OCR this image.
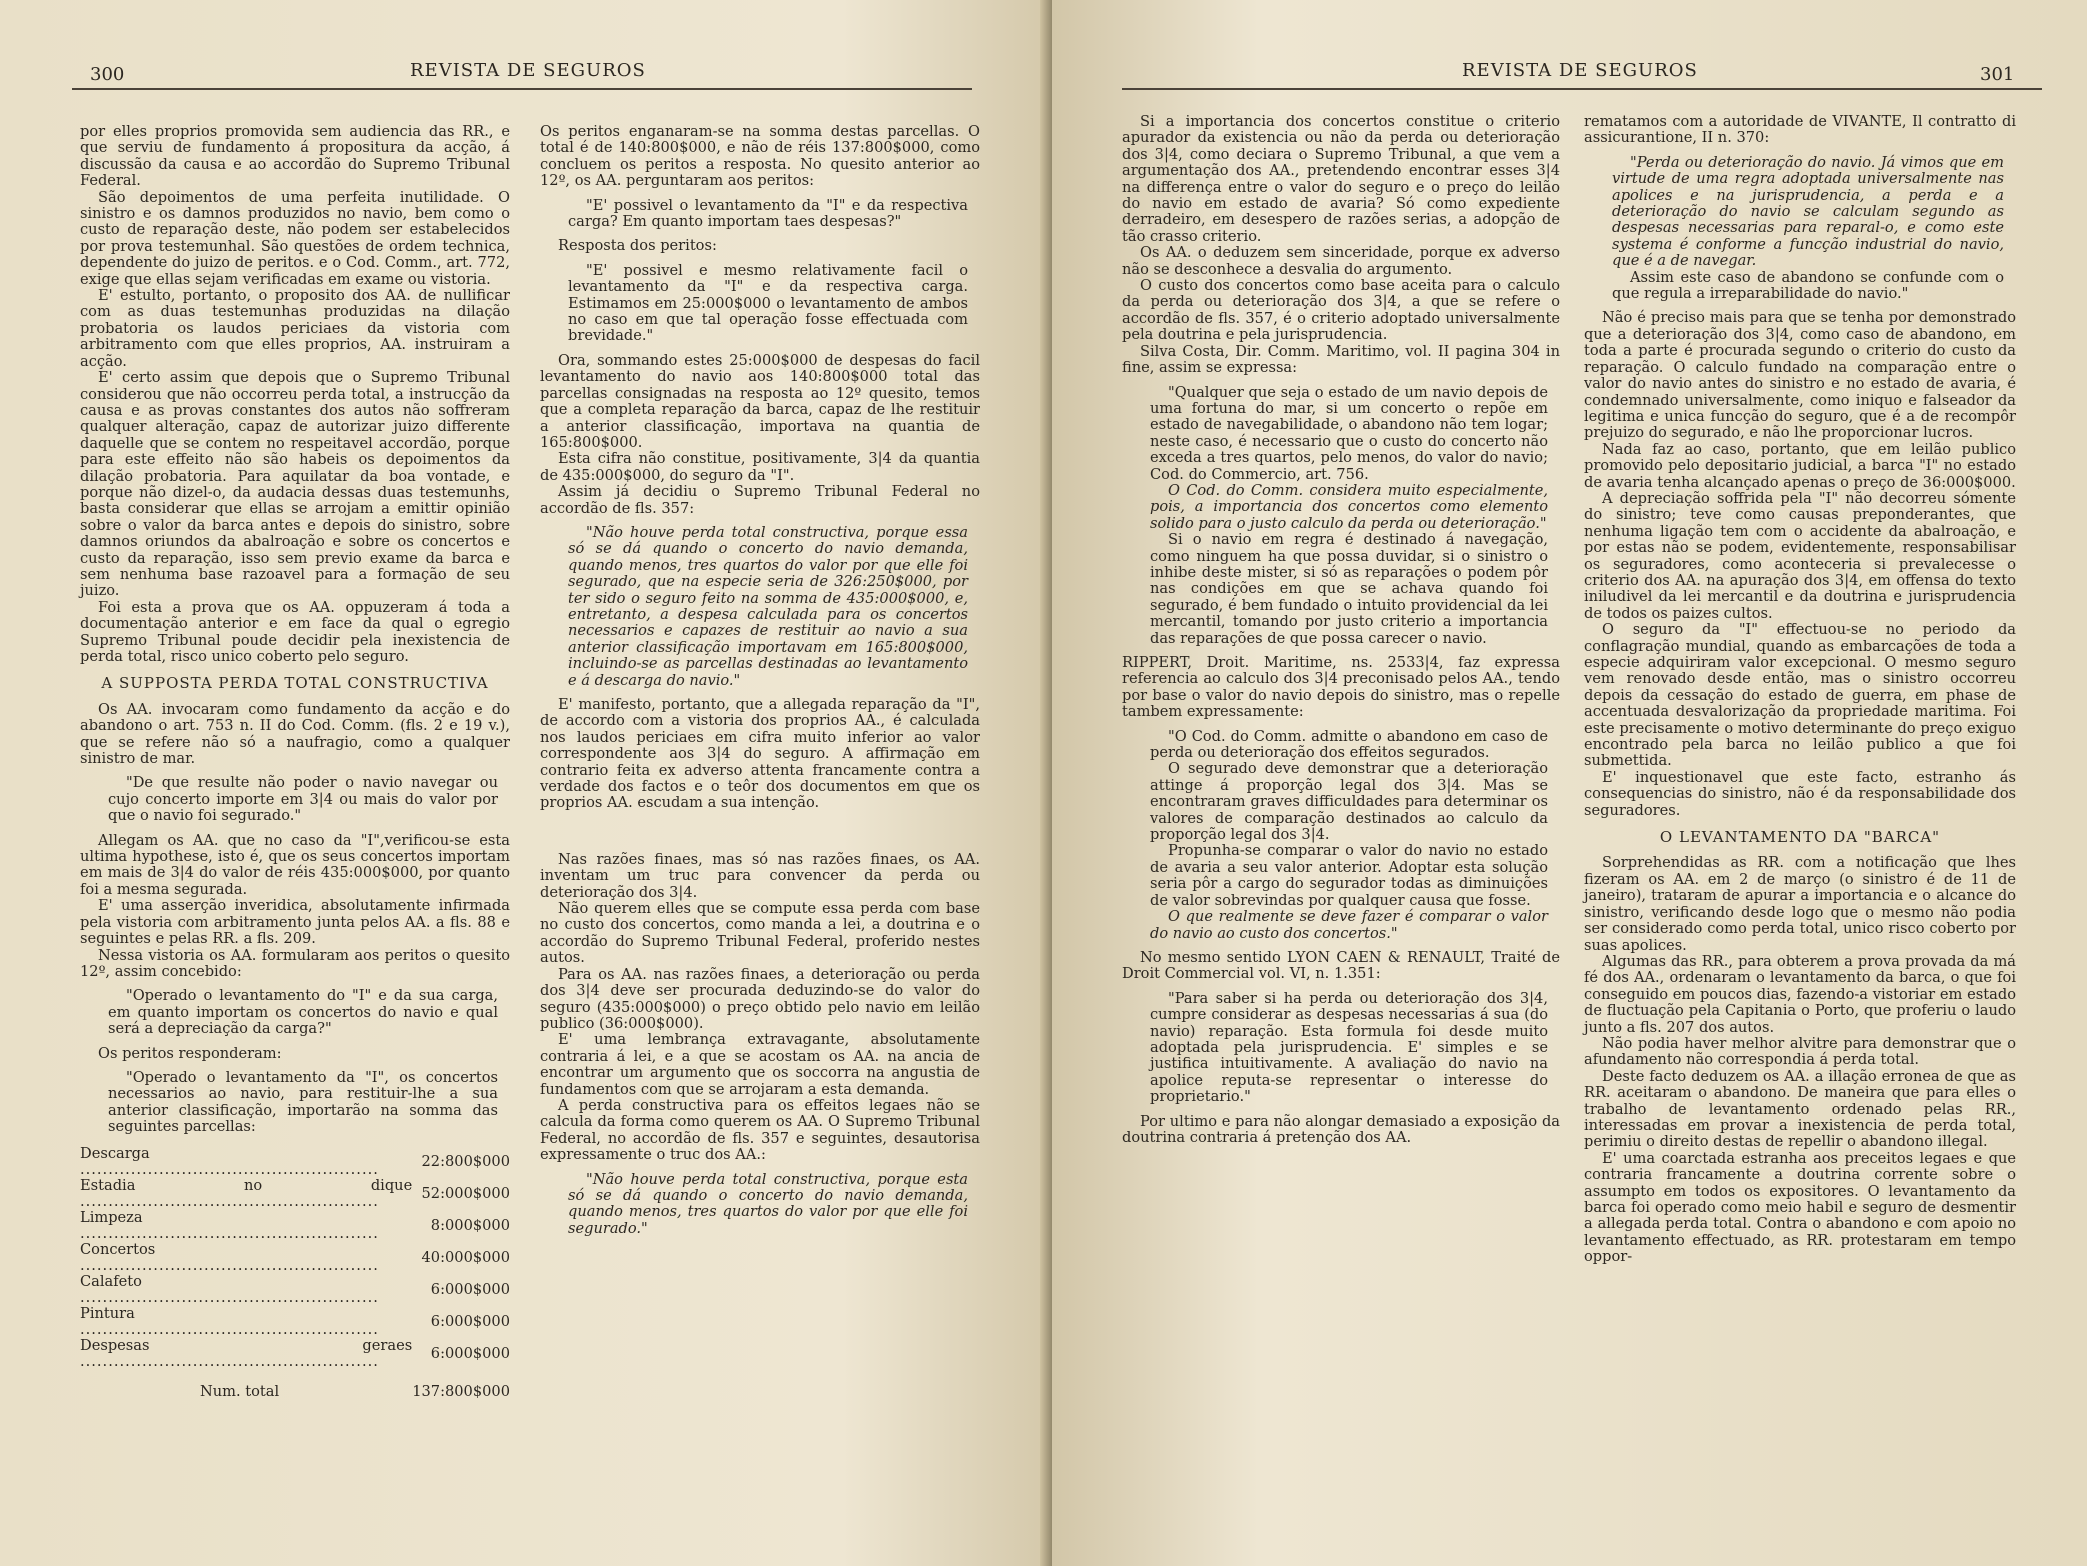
300	REVISTA DE SEGUROS

por elles proprios promovida sem audiencia das RR., e que serviu de fundamento á propositura da acção, á discussão da causa e ao accordão do Supremo Tribunal Federal.

São depoimentos de uma perfeita inutilidade. O sinistro e os damnos produzidos no navio, bem como o custo de reparação deste, não podem ser estabelecidos por prova testemunhal. São questões de ordem technica, dependente do juizo de peritos. e o Cod. Comm., art. 772, exige que ellas sejam verificadas em exame ou vistoria.

E' estulto, portanto, o proposito dos AA. de nullificar com as duas testemunhas produzidas na dilação probatoria os laudos periciaes da vistoria com arbitramento com que elles proprios, AA. instruiram a acção.

E' certo assim que depois que o Supremo Tribunal considerou que não occorreu perda total, a instrucção da causa e as provas constantes dos autos não soffreram qualquer alteração, capaz de autorizar juizo differente daquelle que se contem no respeitavel accordão, porque para este effeito não são habeis os depoimentos da dilação probatoria. Para aquilatar da boa vontade, e porque não dizel-o, da audacia dessas duas testemunhs, basta considerar que ellas se arrojam a emittir opinião sobre o valor da barca antes e depois do sinistro, sobre damnos oriundos da abalroação e sobre os concertos e custo da reparação, isso sem previo exame da barca e sem nenhuma base razoavel para a formação de seu juizo.

Foi esta a prova que os AA. oppuzeram á toda a documentação anterior e em face da qual o egregio Supremo Tribunal poude decidir pela inexistencia de perda total, risco unico coberto pelo seguro.

A SUPPOSTA PERDA TOTAL CONSTRUCTIVA

Os AA. invocaram como fundamento da acção e do abandono o art. 753 n. II do Cod. Comm. (fls. 2 e 19 v.), que se refere não só a naufragio, como a qualquer sinistro de mar.

"De que resulte não poder o navio navegar ou cujo concerto importe em 3|4 ou mais do valor por que o navio foi segurado."

Allegam os AA. que no caso da "I",verificou-se esta ultima hypothese, isto é, que os seus concertos importam em mais de 3|4 do valor de réis 435:000$000, por quanto foi a mesma segurada.

E' uma asserção inveridica, absolutamente infirmada pela vistoria com arbitramento junta pelos AA. a fls. 88 e seguintes e pelas RR. a fls. 209.

Nessa vistoria os AA. formularam aos peritos o quesito 12º, assim concebido:

"Operado o levantamento do "I" e da sua carga, em quanto importam os concertos do navio e qual será a depreciação da carga?"

Os peritos responderam:

"Operado o levantamento da "I", os concertos necessarios ao navio, para restituir-lhe a sua anterior classificação, importarão na somma das seguintes parcellas:

Descarga .....	22:800$000
Estadia no dique .....	52:000$000
Limpeza .....	8:000$000
Concertos .....	40:000$000
Calafeto .....	6:000$000
Pintura .....	6:000$000
Despesas geraes .....	6:000$000
Num. total	137:800$000

Os peritos enganaram-se na somma destas parcellas. O total é de 140:800$000, e não de réis 137:800$000, como concluem os peritos a resposta. No quesito anterior ao 12º, os AA. perguntaram aos peritos:

"E' possivel o levantamento da "I" e da respectiva carga? Em quanto importam taes despesas?"

Resposta dos peritos:

"E' possivel e mesmo relativamente facil o levantamento da "I" e da respectiva carga. Estimamos em 25:000$000 o levantamento de ambos no caso em que tal operação fosse effectuada com brevidade."

Ora, sommando estes 25:000$000 de despesas do facil levantamento do navio aos 140:800$000 total das parcellas consignadas na resposta ao 12º quesito, temos que a completa reparação da barca, capaz de lhe restituir a anterior classificação, importava na quantia de 165:800$000.

Esta cifra não constitue, positivamente, 3|4 da quantia de 435:000$000, do seguro da "I".

Assim já decidiu o Supremo Tribunal Federal no accordão de fls. 357:

"Não houve perda total constructiva, porque essa só se dá quando o concerto do navio demanda, quando menos, tres quartos do valor por que elle foi segurado, que na especie seria de 326:250$000, por ter sido o seguro feito na somma de 435:000$000, e, entretanto, a despesa calculada para os concertos necessarios e capazes de restituir ao navio a sua anterior classificação importavam em 165:800$000, incluindo-se as parcellas destinadas ao levantamento e á descarga do navio."

E' manifesto, portanto, que a allegada reparação da "I", de accordo com a vistoria dos proprios AA., é calculada nos laudos periciaes em cifra muito inferior ao valor correspondente aos 3|4 do seguro. A affirmação em contrario feita ex adverso attenta francamente contra a verdade dos factos e o teôr dos documentos em que os proprios AA. escudam a sua intenção.

Nas razões finaes, mas só nas razões finaes, os AA. inventam um truc para convencer da perda ou deterioração dos 3|4.

Não querem elles que se compute essa perda com base no custo dos concertos, como manda a lei, a doutrina e o accordão do Supremo Tribunal Federal, proferido nestes autos.

Para os AA. nas razões finaes, a deterioração ou perda dos 3|4 deve ser procurada deduzindo-se do valor do seguro (435:000$000) o preço obtido pelo navio em leilão publico (36:000$000).

E' uma lembrança extravagante, absolutamente contraria á lei, e a que se acostam os AA. na ancia de encontrar um argumento que os soccorra na angustia de fundamentos com que se arrojaram a esta demanda.

A perda constructiva para os effeitos legaes não se calcula da forma como querem os AA. O Supremo Tribunal Federal, no accordão de fls. 357 e seguintes, desautorisa expressamente o truc dos AA.:

"Não houve perda total constructiva, porque esta só se dá quando o concerto do navio demanda, quando menos, tres quartos do valor por que elle foi segurado."

REVISTA DE SEGUROS	301

Si a importancia dos concertos constitue o criterio apurador da existencia ou não da perda ou deterioração dos 3|4, como deciara o Supremo Tribunal, a que vem a argumentação dos AA., pretendendo encontrar esses 3|4 na differença entre o valor do seguro e o preço do leilão do navio em estado de avaria? Só como expediente derradeiro, em desespero de razões serias, a adopção de tão crasso criterio.

Os AA. o deduzem sem sinceridade, porque ex adverso não se desconhece a desvalia do argumento.

O custo dos concertos como base aceita para o calculo da perda ou deterioração dos 3|4, a que se refere o accordão de fls. 357, é o criterio adoptado universalmente pela doutrina e pela jurisprudencia.

Silva Costa, Dir. Comm. Maritimo, vol. II pagina 304 in fine, assim se expressa:

"Qualquer que seja o estado de um navio depois de uma fortuna do mar, si um concerto o repõe em estado de navegabilidade, o abandono não tem logar; neste caso, é necessario que o custo do concerto não exceda a tres quartos, pelo menos, do valor do navio; Cod. do Commercio, art. 756.

O Cod. do Comm. considera muito especialmente, pois, a importancia dos concertos como elemento solido para o justo calculo da perda ou deterioração."

Si o navio em regra é destinado á navegação, como ninguem ha que possa duvidar, si o sinistro o inhibe deste mister, si só as reparações o podem pôr nas condições em que se achava quando foi segurado, é bem fundado o intuito providencial da lei mercantil, tomando por justo criterio a importancia das reparações de que possa carecer o navio.

RIPPERT, Droit. Maritime, ns. 2533|4, faz expressa referencia ao calculo dos 3|4 preconisado pelos AA., tendo por base o valor do navio depois do sinistro, mas o repelle tambem expressamente:

"O Cod. do Comm. admitte o abandono em caso de perda ou deterioração dos effeitos segurados.

O segurado deve demonstrar que a deterioração attinge á proporção legal dos 3|4. Mas se encontraram graves difficuldades para determinar os valores de comparação destinados ao calculo da proporção legal dos 3|4.

Propunha-se comparar o valor do navio no estado de avaria a seu valor anterior. Adoptar esta solução seria pôr a cargo do segurador todas as diminuições de valor sobrevindas por qualquer causa que fosse.

O que realmente se deve fazer é comparar o valor do navio ao custo dos concertos."

No mesmo sentido LYON CAEN & RENAULT, Traité de Droit Commercial vol. VI, n. 1.351:

"Para saber si ha perda ou deterioração dos 3|4, cumpre considerar as despesas necessarias á sua (do navio) reparação. Esta formula foi desde muito adoptada pela jurisprudencia. E' simples e se justifica intuitivamente. A avaliação do navio na apolice reputa-se representar o interesse do proprietario."

Por ultimo e para não alongar demasiado a exposição da doutrina contraria á pretenção dos AA.

rematamos com a autoridade de VIVANTE, Il contratto di assicurantione, II n. 370:

"Perda ou deterioração do navio. Já vimos que em virtude de uma regra adoptada universalmente nas apolices e na jurisprudencia, a perda e a deterioração do navio se calculam segundo as despesas necessarias para reparal-o, e como este systema é conforme a funcção industrial do navio, que é a de navegar.

Assim este caso de abandono se confunde com o que regula a irreparabilidade do navio."

Não é preciso mais para que se tenha por demonstrado que a deterioração dos 3|4, como caso de abandono, em toda a parte é procurada segundo o criterio do custo da reparação. O calculo fundado na comparação entre o valor do navio antes do sinistro e no estado de avaria, é condemnado universalmente, como iniquo e falseador da legitima e unica funcção do seguro, que é a de recompôr prejuizo do segurado, e não lhe proporcionar lucros.

Nada faz ao caso, portanto, que em leilão publico promovido pelo depositario judicial, a barca "I" no estado de avaria tenha alcançado apenas o preço de 36:000$000.

A depreciação soffrida pela "I" não decorreu sómente do sinistro; teve como causas preponderantes, que nenhuma ligação tem com o accidente da abalroação, e por estas não se podem, evidentemente, responsabilisar os seguradores, como aconteceria si prevalecesse o criterio dos AA. na apuração dos 3|4, em offensa do texto iniludivel da lei mercantil e da doutrina e jurisprudencia de todos os paizes cultos.

O seguro da "I" effectuou-se no periodo da conflagração mundial, quando as embarcações de toda a especie adquiriram valor excepcional. O mesmo seguro vem renovado desde então, mas o sinistro occorreu depois da cessação do estado de guerra, em phase de accentuada desvalorização da propriedade maritima. Foi este precisamente o motivo determinante do preço exiguo encontrado pela barca no leilão publico a que foi submettida.

E' inquestionavel que este facto, estranho ás consequencias do sinistro, não é da responsabilidade dos seguradores.

O LEVANTAMENTO DA "BARCA"

Sorprehendidas as RR. com a notificação que lhes fizeram os AA. em 2 de março (o sinistro é de 11 de janeiro), trataram de apurar a importancia e o alcance do sinistro, verificando desde logo que o mesmo não podia ser considerado como perda total, unico risco coberto por suas apolices.

Algumas das RR., para obterem a prova provada da má fé dos AA., ordenaram o levantamento da barca, o que foi conseguido em poucos dias, fazendo-a vistoriar em estado de fluctuação pela Capitania o Porto, que proferiu o laudo junto a fls. 207 dos autos.

Não podia haver melhor alvitre para demonstrar que o afundamento não correspondia á perda total.

Deste facto deduzem os AA. a illação erronea de que as RR. aceitaram o abandono. De maneira que para elles o trabalho de levantamento ordenado pelas RR., interessadas em provar a inexistencia de perda total, perimiu o direito destas de repellir o abandono illegal.

E' uma coarctada estranha aos preceitos legaes e que contraria francamente a doutrina corrente sobre o assumpto em todos os expositores. O levantamento da barca foi operado como meio habil e seguro de desmentir a allegada perda total. Contra o abandono e com apoio no levantamento effectuado, as RR. protestaram em tempo oppor-
